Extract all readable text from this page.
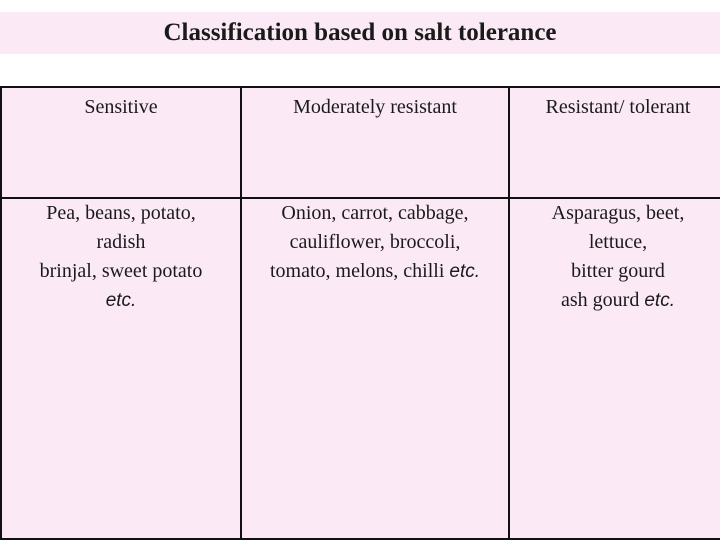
Classification based on salt tolerance
Sensitive	Moderately resistant	Resistant/ tolerant

Pea, beans, potato,
radish
brinjal, sweet potato
etc.	Onion, carrot, cabbage,
cauliflower, broccoli,
tomato, melons, chilli etc.	Asparagus, beet,
lettuce,
bitter gourd
ash gourd etc.
